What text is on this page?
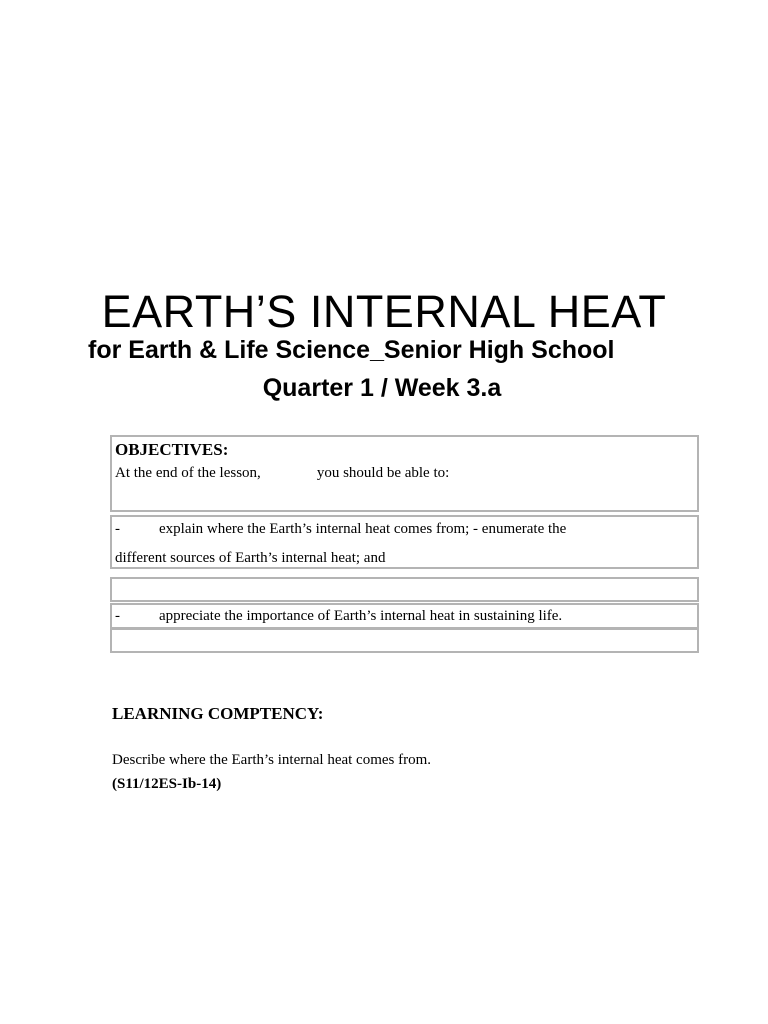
EARTH’S INTERNAL HEAT
for Earth & Life Science ̲ Senior High School
Quarter 1 / Week 3.a
OBJECTIVES:
At the end of the lesson,	you should be able to:
-	explain where the Earth’s internal heat comes from; - enumerate the
different sources of Earth’s internal heat; and
-	appreciate the importance of Earth’s internal heat in sustaining life.
LEARNING COMPTENCY:
Describe where the Earth’s internal heat comes from.
(S11/12ES-Ib-14)
